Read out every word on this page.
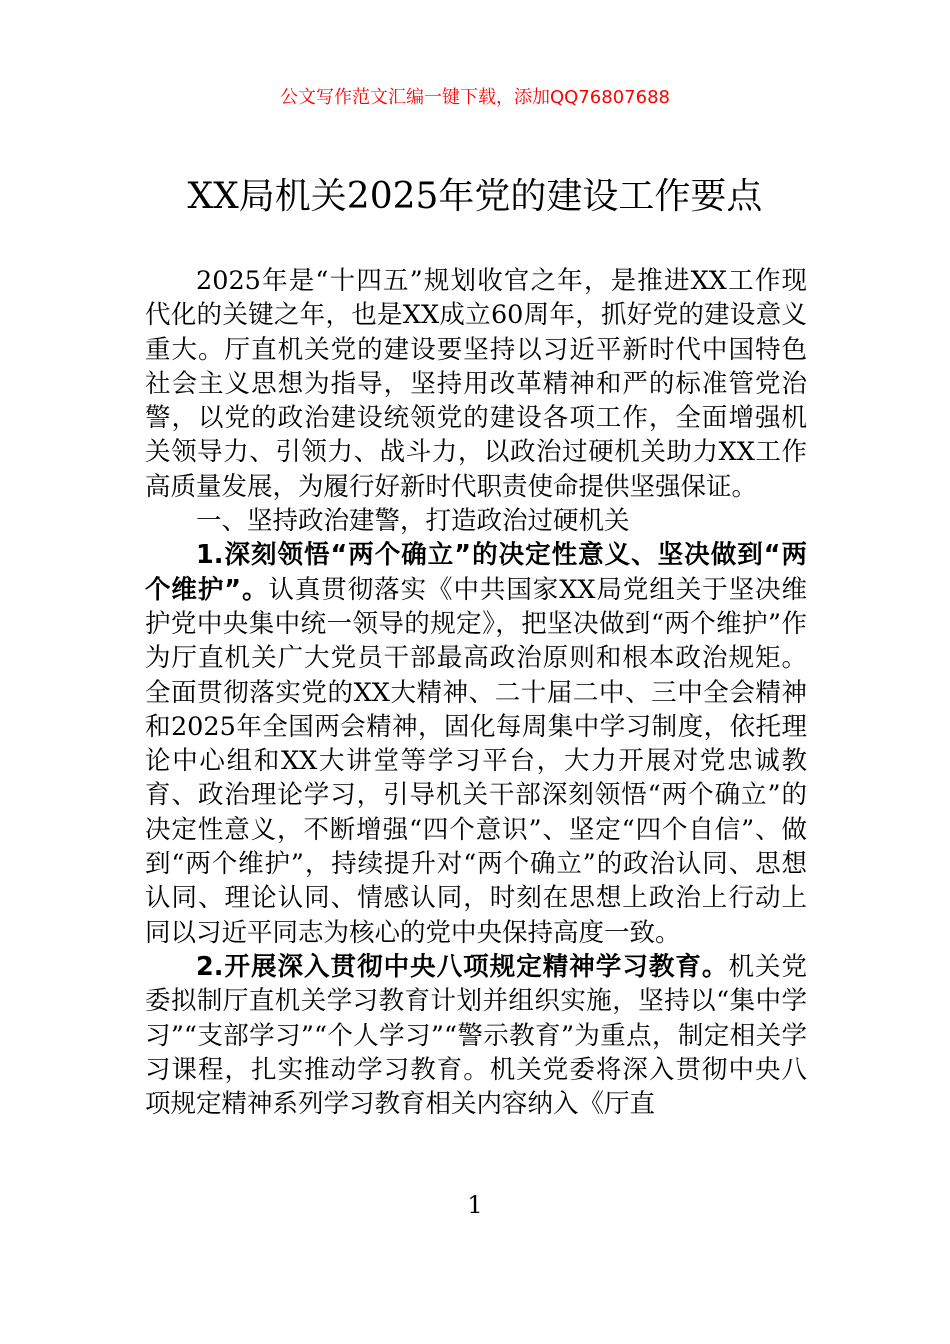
公文写作范文汇编一键下载，添加QQ76807688
XX局机关2025年党的建设工作要点

2025年是“十四五”规划收官之年，是推进XX工作现代化的关键之年，也是XX成立60周年，抓好党的建设意义重大。厅直机关党的建设要坚持以习近平新时代中国特色社会主义思想为指导，坚持用改革精神和严的标准管党治警，以党的政治建设统领党的建设各项工作，全面增强机关领导力、引领力、战斗力，以政治过硬机关助力XX工作高质量发展，为履行好新时代职责使命提供坚强保证。

一、坚持政治建警，打造政治过硬机关

1.深刻领悟“两个确立”的决定性意义、坚决做到“两个维护”。认真贯彻落实《中共国家XX局党组关于坚决维护党中央集中统一领导的规定》，把坚决做到“两个维护”作为厅直机关广大党员干部最高政治原则和根本政治规矩。全面贯彻落实党的XX大精神、二十届二中、三中全会精神和2025年全国两会精神，固化每周集中学习制度，依托理论中心组和XX大讲堂等学习平台，大力开展对党忠诚教育、政治理论学习，引导机关干部深刻领悟“两个确立”的决定性意义，不断增强“四个意识”、坚定“四个自信”、做到“两个维护”，持续提升对“两个确立”的政治认同、思想认同、理论认同、情感认同，时刻在思想上政治上行动上同以习近平同志为核心的党中央保持高度一致。

2.开展深入贯彻中央八项规定精神学习教育。机关党委拟制厅直机关学习教育计划并组织实施，坚持以“集中学习”“支部学习”“个人学习”“警示教育”为重点，制定相关学习课程，扎实推动学习教育。机关党委将深入贯彻中央八项规定精神系列学习教育相关内容纳入《厅直

1
